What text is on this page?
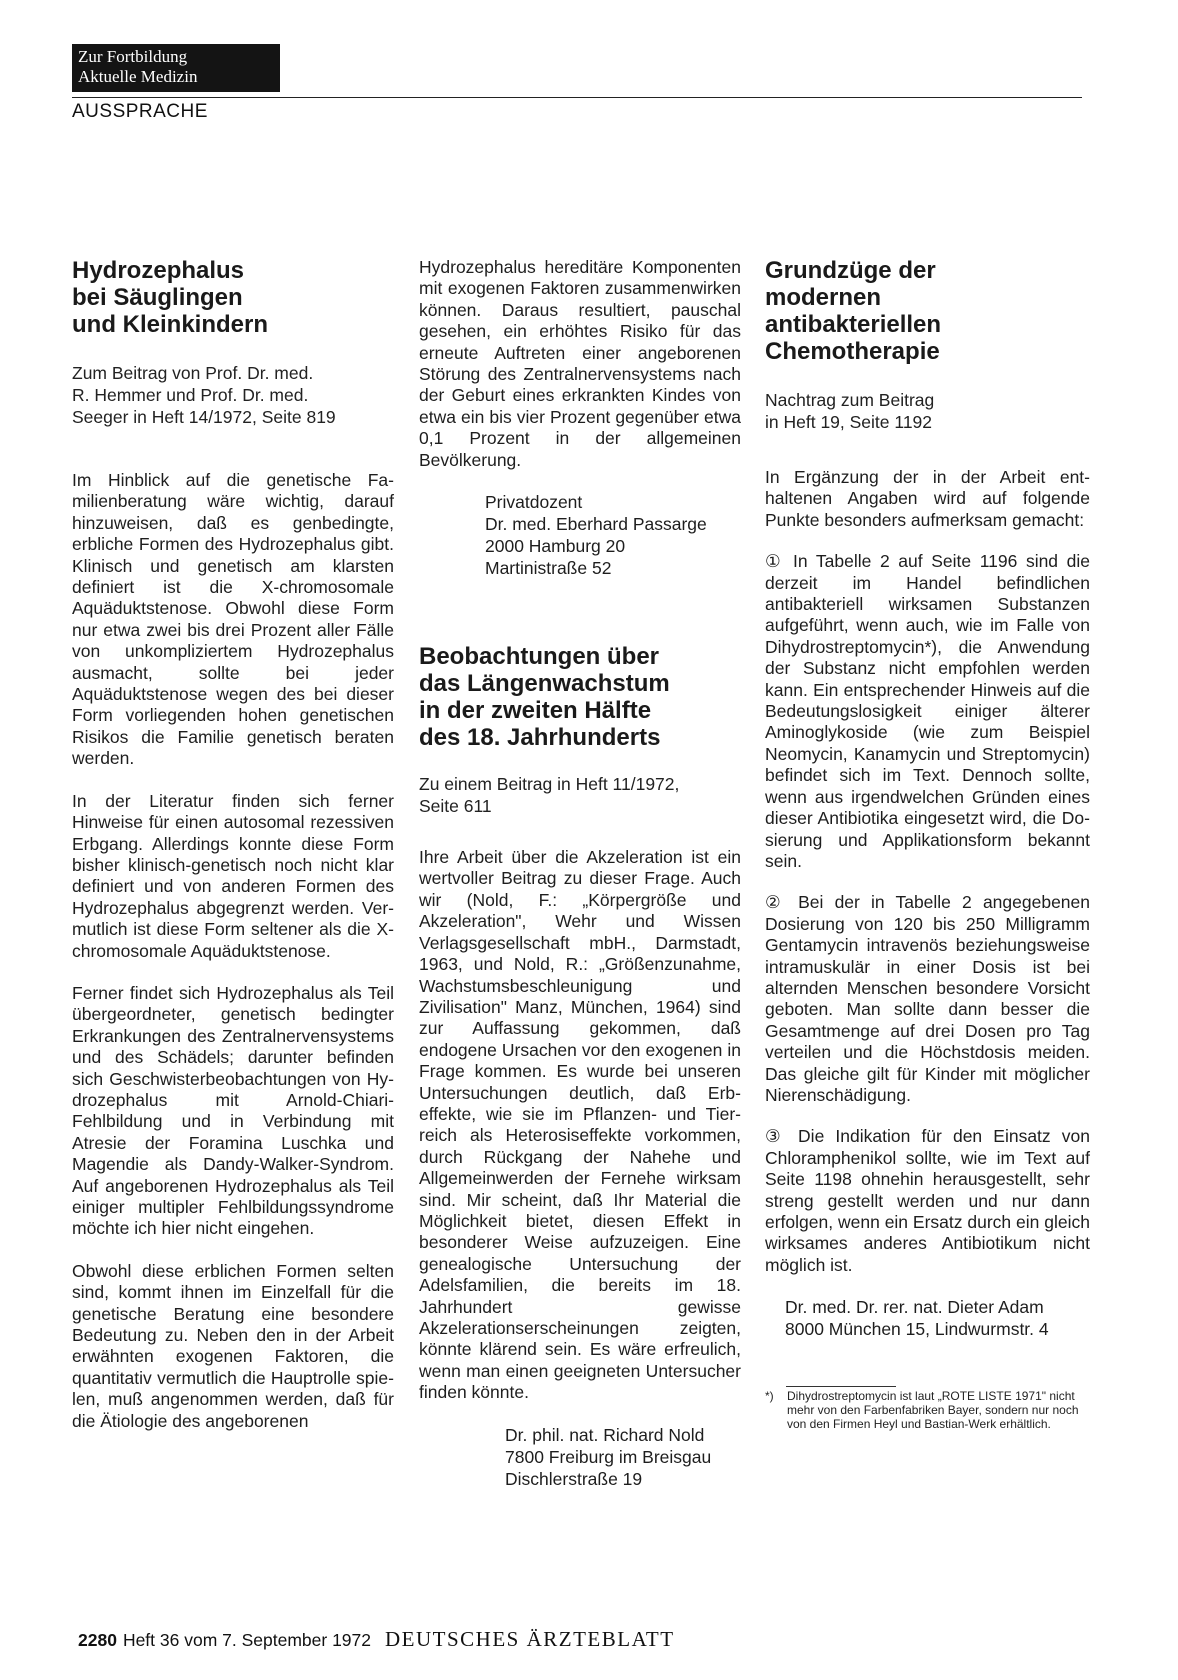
Zur Fortbildung
Aktuelle Medizin
AUSSPRACHE
Hydrozephalus
bei Säuglingen
und Kleinkindern
Zum Beitrag von Prof. Dr. med.
R. Hemmer und Prof. Dr. med.
Seeger in Heft 14/1972, Seite 819

Im Hinblick auf die genetische Familienberatung wäre wichtig, darauf hinzuweisen, daß es genbedingte, erbliche Formen des Hydrozephalus gibt. Klinisch und genetisch am klarsten definiert ist die X-chromosomale Aquäduktstenose. Obwohl diese Form nur etwa zwei bis drei Prozent aller Fälle von unkompliziertem Hydrozephalus ausmacht, sollte bei jeder Aquäduktstenose wegen des bei dieser Form vorliegenden hohen genetischen Risikos die Familie genetisch beraten werden.

In der Literatur finden sich ferner Hinweise für einen autosomal rezessiven Erbgang. Allerdings konnte diese Form bisher klinisch-genetisch noch nicht klar definiert und von anderen Formen des Hydrozephalus abgegrenzt werden. Vermutlich ist diese Form seltener als die X-chromosomale Aquäduktstenose.

Ferner findet sich Hydrozephalus als Teil übergeordneter, genetisch bedingter Erkrankungen des Zentralnervensystems und des Schädels; darunter befinden sich Geschwisterbeobachtungen von Hydrozephalus mit Arnold-Chiari-Fehlbildung und in Verbindung mit Atresie der Foramina Luschka und Magendie als Dandy-Walker-Syndrom. Auf angeborenen Hydrozephalus als Teil einiger multipler Fehlbildungssyndrome möchte ich hier nicht eingehen.

Obwohl diese erblichen Formen selten sind, kommt ihnen im Einzelfall für die genetische Beratung eine besondere Bedeutung zu. Neben den in der Arbeit erwähnten exogenen Faktoren, die quantitativ vermutlich die Hauptrolle spielen, muß angenommen werden, daß für die Ätiologie des angeborenen

Hydrozephalus hereditäre Komponenten mit exogenen Faktoren zusammenwirken können. Daraus resultiert, pauschal gesehen, ein erhöhtes Risiko für das erneute Auftreten einer angeborenen Störung des Zentralnervensystems nach der Geburt eines erkrankten Kindes von etwa ein bis vier Prozent gegenüber etwa 0,1 Prozent in der allgemeinen Bevölkerung.

Privatdozent
Dr. med. Eberhard Passarge
2000 Hamburg 20
Martinistraße 52
Beobachtungen über
das Längenwachstum
in der zweiten Hälfte
des 18. Jahrhunderts
Zu einem Beitrag in Heft 11/1972,
Seite 611

Ihre Arbeit über die Akzeleration ist ein wertvoller Beitrag zu dieser Frage. Auch wir (Nold, F.: „Körpergröße und Akzeleration", Wehr und Wissen Verlagsgesellschaft mbH., Darmstadt, 1963, und Nold, R.: „Größenzunahme, Wachstumsbeschleunigung und Zivilisation" Manz, München, 1964) sind zur Auffassung gekommen, daß endogene Ursachen vor den exogenen in Frage kommen. Es wurde bei unseren Untersuchungen deutlich, daß Erbeffekte, wie sie im Pflanzen- und Tierreich als Heterosiseffekte vorkommen, durch Rückgang der Nahehe und Allgemeinwerden der Fernehe wirksam sind. Mir scheint, daß Ihr Material die Möglichkeit bietet, diesen Effekt in besonderer Weise aufzuzeigen. Eine genealogische Untersuchung der Adelsfamilien, die bereits im 18. Jahrhundert gewisse Akzelerationserscheinungen zeigten, könnte klärend sein. Es wäre erfreulich, wenn man einen geeigneten Untersucher finden könnte.

Dr. phil. nat. Richard Nold
7800 Freiburg im Breisgau
Dischlerstraße 19
Grundzüge der
modernen
antibakteriellen
Chemotherapie
Nachtrag zum Beitrag
in Heft 19, Seite 1192

In Ergänzung der in der Arbeit enthaltenen Angaben wird auf folgende Punkte besonders aufmerksam gemacht:

① In Tabelle 2 auf Seite 1196 sind die derzeit im Handel befindlichen antibakteriell wirksamen Substanzen aufgeführt, wenn auch, wie im Falle von Dihydrostreptomycin*), die Anwendung der Substanz nicht empfohlen werden kann. Ein entsprechender Hinweis auf die Bedeutungslosigkeit einiger älterer Aminoglykoside (wie zum Beispiel Neomycin, Kanamycin und Streptomycin) befindet sich im Text. Dennoch sollte, wenn aus irgendwelchen Gründen eines dieser Antibiotika eingesetzt wird, die Dosierung und Applikationsform bekannt sein.

② Bei der in Tabelle 2 angegebenen Dosierung von 120 bis 250 Milligramm Gentamycin intravenös beziehungsweise intramuskulär in einer Dosis ist bei alternden Menschen besondere Vorsicht geboten. Man sollte dann besser die Gesamtmenge auf drei Dosen pro Tag verteilen und die Höchstdosis meiden. Das gleiche gilt für Kinder mit möglicher Nierenschädigung.

③ Die Indikation für den Einsatz von Chloramphenikol sollte, wie im Text auf Seite 1198 ohnehin herausgestellt, sehr streng gestellt werden und nur dann erfolgen, wenn ein Ersatz durch ein gleich wirksames anderes Antibiotikum nicht möglich ist.

Dr. med. Dr. rer. nat. Dieter Adam
8000 München 15, Lindwurmstr. 4
*)	Dihydrostreptomycin ist laut „ROTE LISTE 1971" nicht mehr von den Farbenfabriken Bayer, sondern nur noch von den Firmen Heyl und Bastian-Werk erhältlich.
2280 Heft 36 vom 7. September 1972 DEUTSCHES ÄRZTEBLATT
